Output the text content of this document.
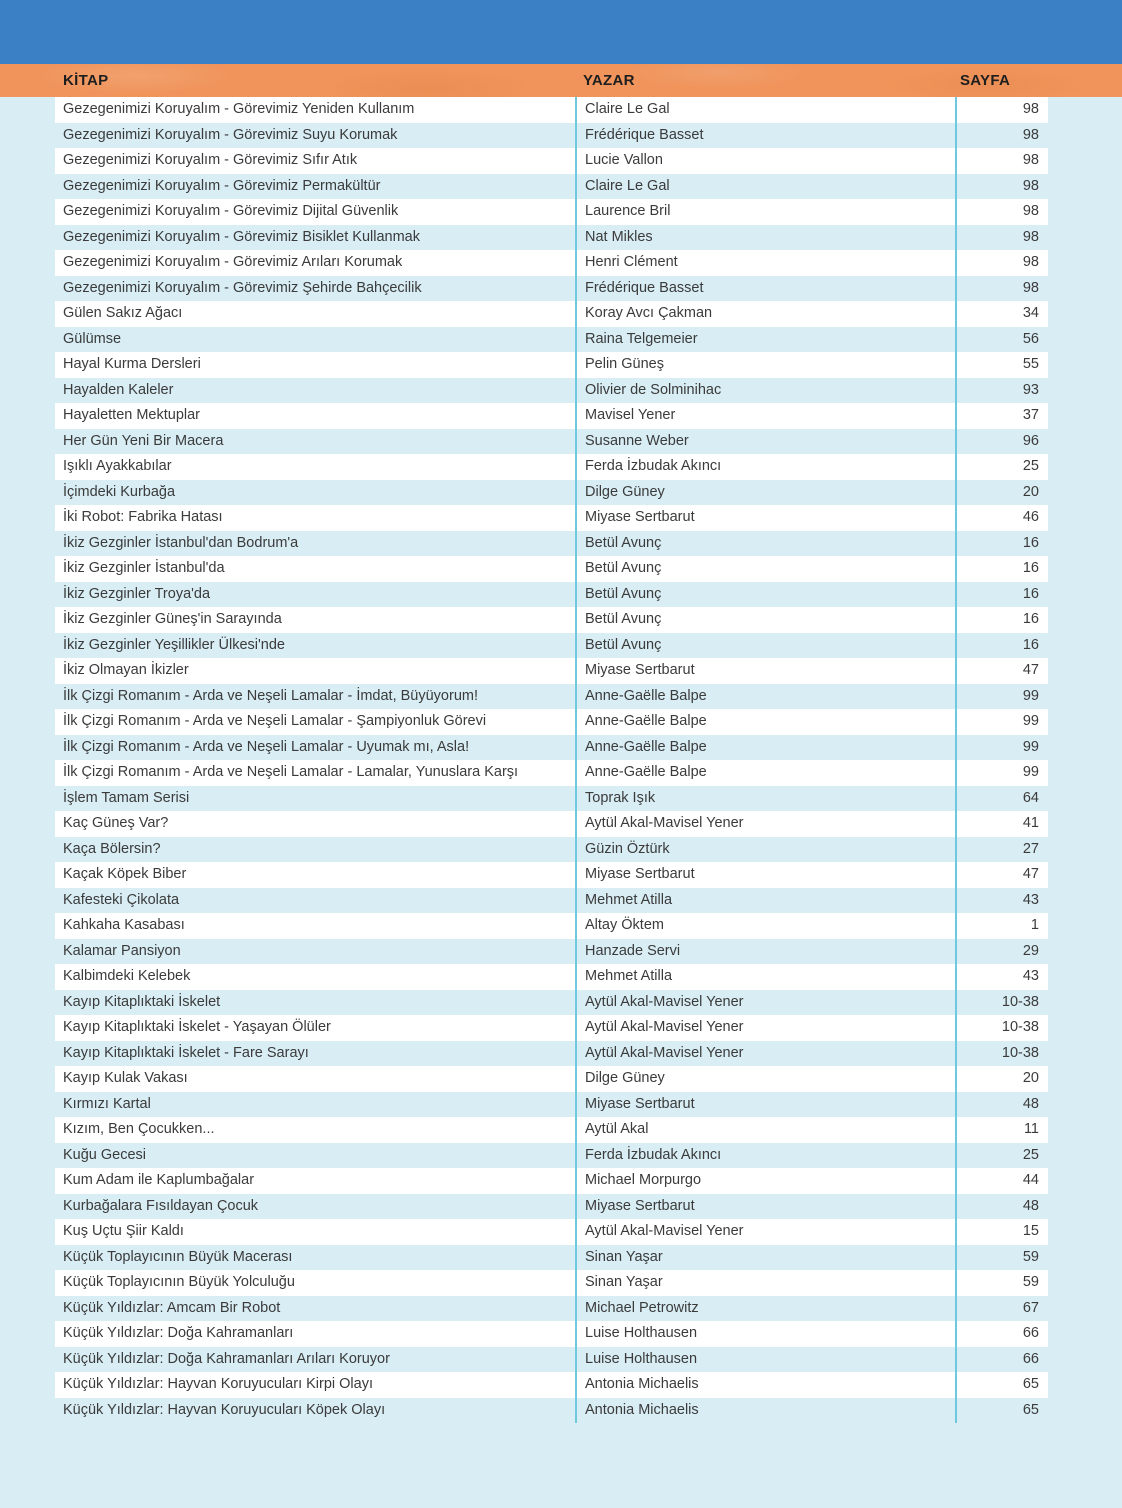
KİTAP	YAZAR	SAYFA
Gezegenimizi Koruyalım - Görevimiz Yeniden Kullanım	Claire Le Gal	98
Gezegenimizi Koruyalım - Görevimiz Suyu Korumak	Frédérique Basset	98
Gezegenimizi Koruyalım - Görevimiz Sıfır Atık	Lucie Vallon	98
Gezegenimizi Koruyalım - Görevimiz Permakültür	Claire Le Gal	98
Gezegenimizi Koruyalım - Görevimiz Dijital Güvenlik	Laurence Bril	98
Gezegenimizi Koruyalım - Görevimiz Bisiklet Kullanmak	Nat Mikles	98
Gezegenimizi Koruyalım - Görevimiz Arıları Korumak	Henri Clément	98
Gezegenimizi Koruyalım - Görevimiz Şehirde Bahçecilik	Frédérique Basset	98
Gülen Sakız Ağacı	Koray Avcı Çakman	34
Gülümse	Raina Telgemeier	56
Hayal Kurma Dersleri	Pelin Güneş	55
Hayalden Kaleler	Olivier de Solminihac	93
Hayaletten Mektuplar	Mavisel Yener	37
Her Gün Yeni Bir Macera	Susanne Weber	96
Işıklı Ayakkabılar	Ferda İzbudak Akıncı	25
İçimdeki Kurbağa	Dilge Güney	20
İki Robot: Fabrika Hatası	Miyase Sertbarut	46
İkiz Gezginler İstanbul'dan Bodrum'a	Betül Avunç	16
İkiz Gezginler İstanbul'da	Betül Avunç	16
İkiz Gezginler Troya'da	Betül Avunç	16
İkiz Gezginler Güneş'in Sarayında	Betül Avunç	16
İkiz Gezginler Yeşillikler Ülkesi'nde	Betül Avunç	16
İkiz Olmayan İkizler	Miyase Sertbarut	47
İlk Çizgi Romanım - Arda ve Neşeli Lamalar - İmdat, Büyüyorum!	Anne-Gaëlle Balpe	99
İlk Çizgi Romanım - Arda ve Neşeli Lamalar - Şampiyonluk Görevi	Anne-Gaëlle Balpe	99
İlk Çizgi Romanım - Arda ve Neşeli Lamalar - Uyumak mı, Asla!	Anne-Gaëlle Balpe	99
İlk Çizgi Romanım - Arda ve Neşeli Lamalar - Lamalar, Yunuslara Karşı	Anne-Gaëlle Balpe	99
İşlem Tamam Serisi	Toprak Işık	64
Kaç Güneş Var?	Aytül Akal-Mavisel Yener	41
Kaça Bölersin?	Güzin Öztürk	27
Kaçak Köpek Biber	Miyase Sertbarut	47
Kafesteki Çikolata	Mehmet Atilla	43
Kahkaha Kasabası	Altay Öktem	1
Kalamar Pansiyon	Hanzade Servi	29
Kalbimdeki Kelebek	Mehmet Atilla	43
Kayıp Kitaplıktaki İskelet	Aytül Akal-Mavisel Yener	10-38
Kayıp Kitaplıktaki İskelet - Yaşayan Ölüler	Aytül Akal-Mavisel Yener	10-38
Kayıp Kitaplıktaki İskelet - Fare Sarayı	Aytül Akal-Mavisel Yener	10-38
Kayıp Kulak Vakası	Dilge Güney	20
Kırmızı Kartal	Miyase Sertbarut	48
Kızım, Ben Çocukken...	Aytül Akal	11
Kuğu Gecesi	Ferda İzbudak Akıncı	25
Kum Adam ile Kaplumbağalar	Michael Morpurgo	44
Kurbağalara Fısıldayan Çocuk	Miyase Sertbarut	48
Kuş Uçtu Şiir Kaldı	Aytül Akal-Mavisel Yener	15
Küçük Toplayıcının Büyük Macerası	Sinan Yaşar	59
Küçük Toplayıcının Büyük Yolculuğu	Sinan Yaşar	59
Küçük Yıldızlar: Amcam Bir Robot	Michael Petrowitz	67
Küçük Yıldızlar: Doğa Kahramanları	Luise Holthausen	66
Küçük Yıldızlar: Doğa Kahramanları Arıları Koruyor	Luise Holthausen	66
Küçük Yıldızlar: Hayvan Koruyucuları Kirpi Olayı	Antonia Michaelis	65
Küçük Yıldızlar: Hayvan Koruyucuları Köpek Olayı	Antonia Michaelis	65
